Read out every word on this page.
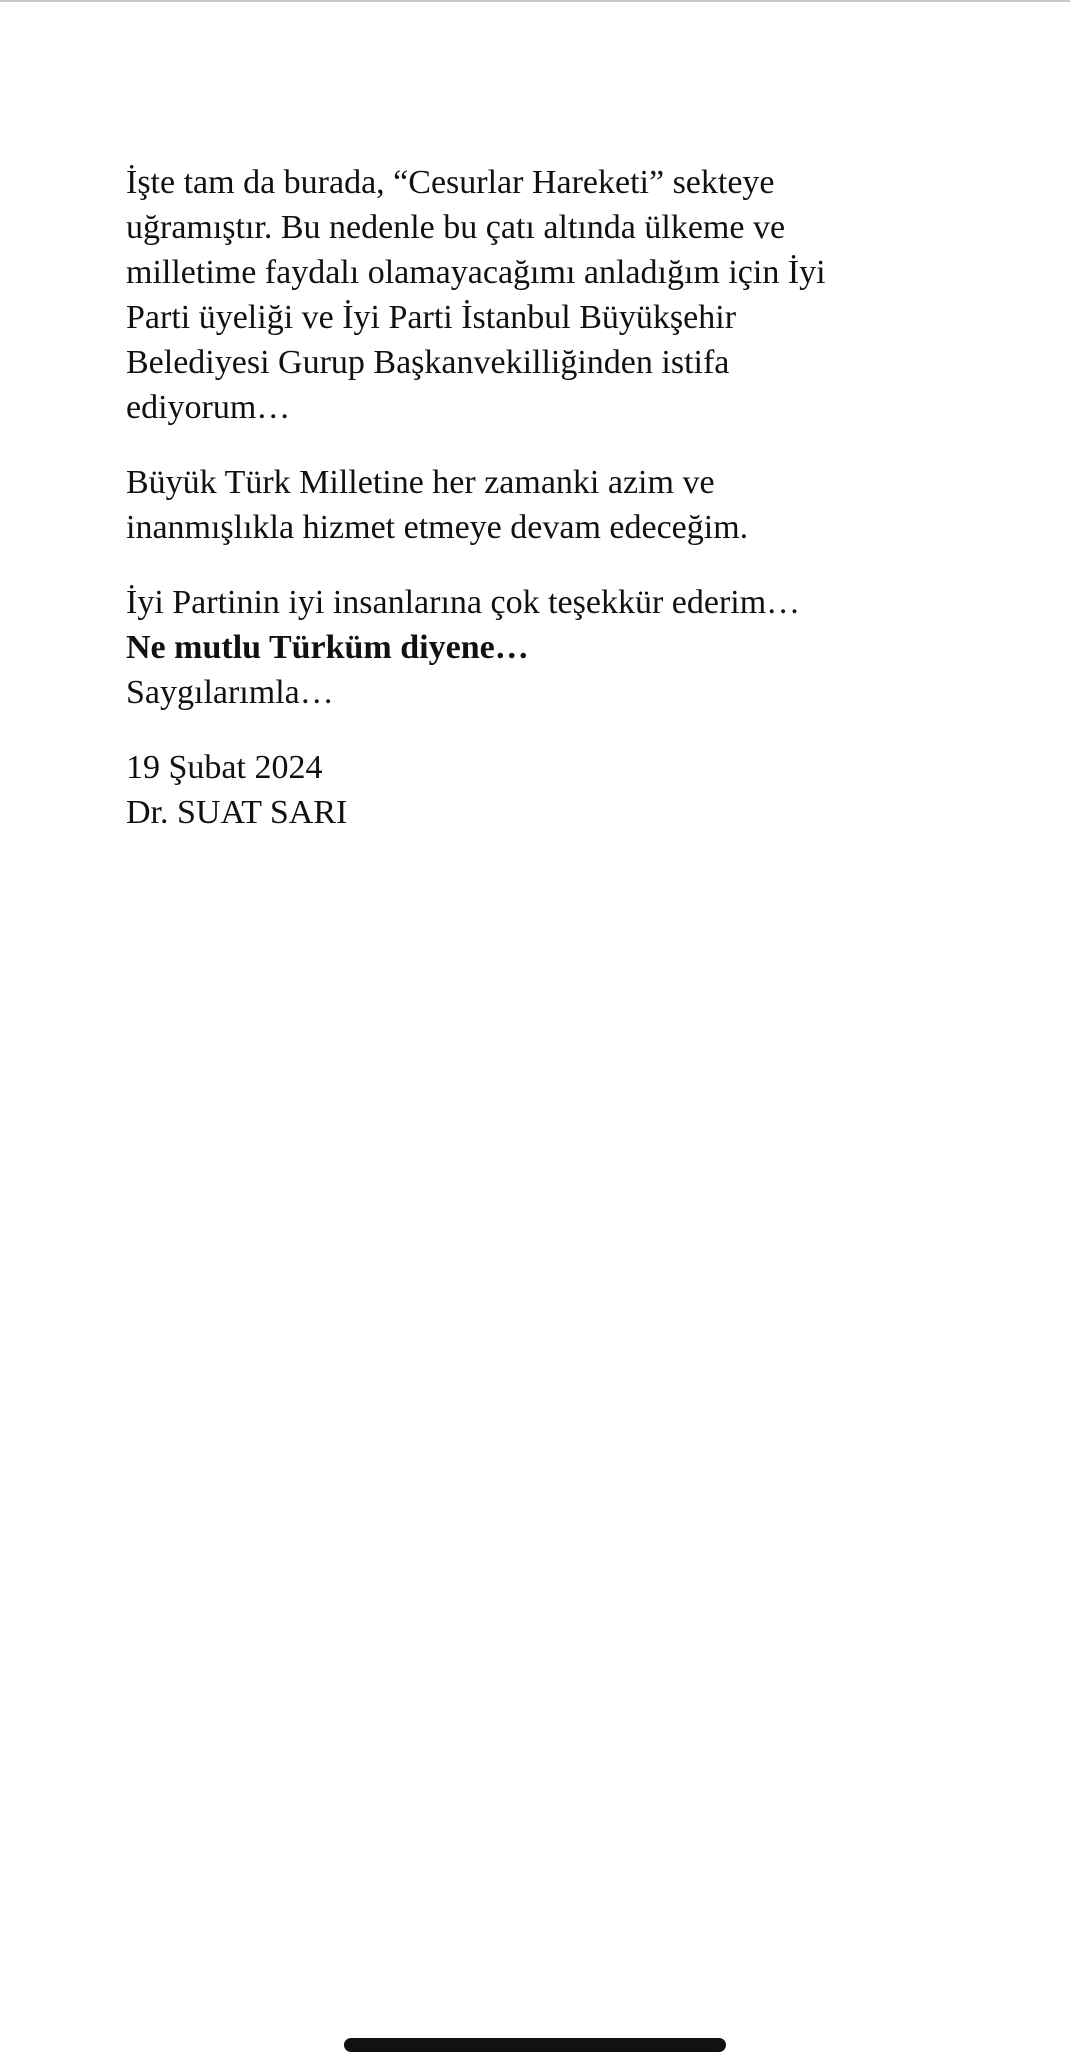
İşte tam da burada, “Cesurlar Hareketi” sekteye
uğramıştır. Bu nedenle bu çatı altında ülkeme ve
milletime faydalı olamayacağımı anladığım için İyi
Parti üyeliği ve İyi Parti İstanbul Büyükşehir
Belediyesi Gurup Başkanvekilliğinden istifa
ediyorum…

Büyük Türk Milletine her zamanki azim ve
inanmışlıkla hizmet etmeye devam edeceğim.

İyi Partinin iyi insanlarına çok teşekkür ederim…
Ne mutlu Türküm diyene…
Saygılarımla…

19 Şubat 2024
Dr. SUAT SARI
